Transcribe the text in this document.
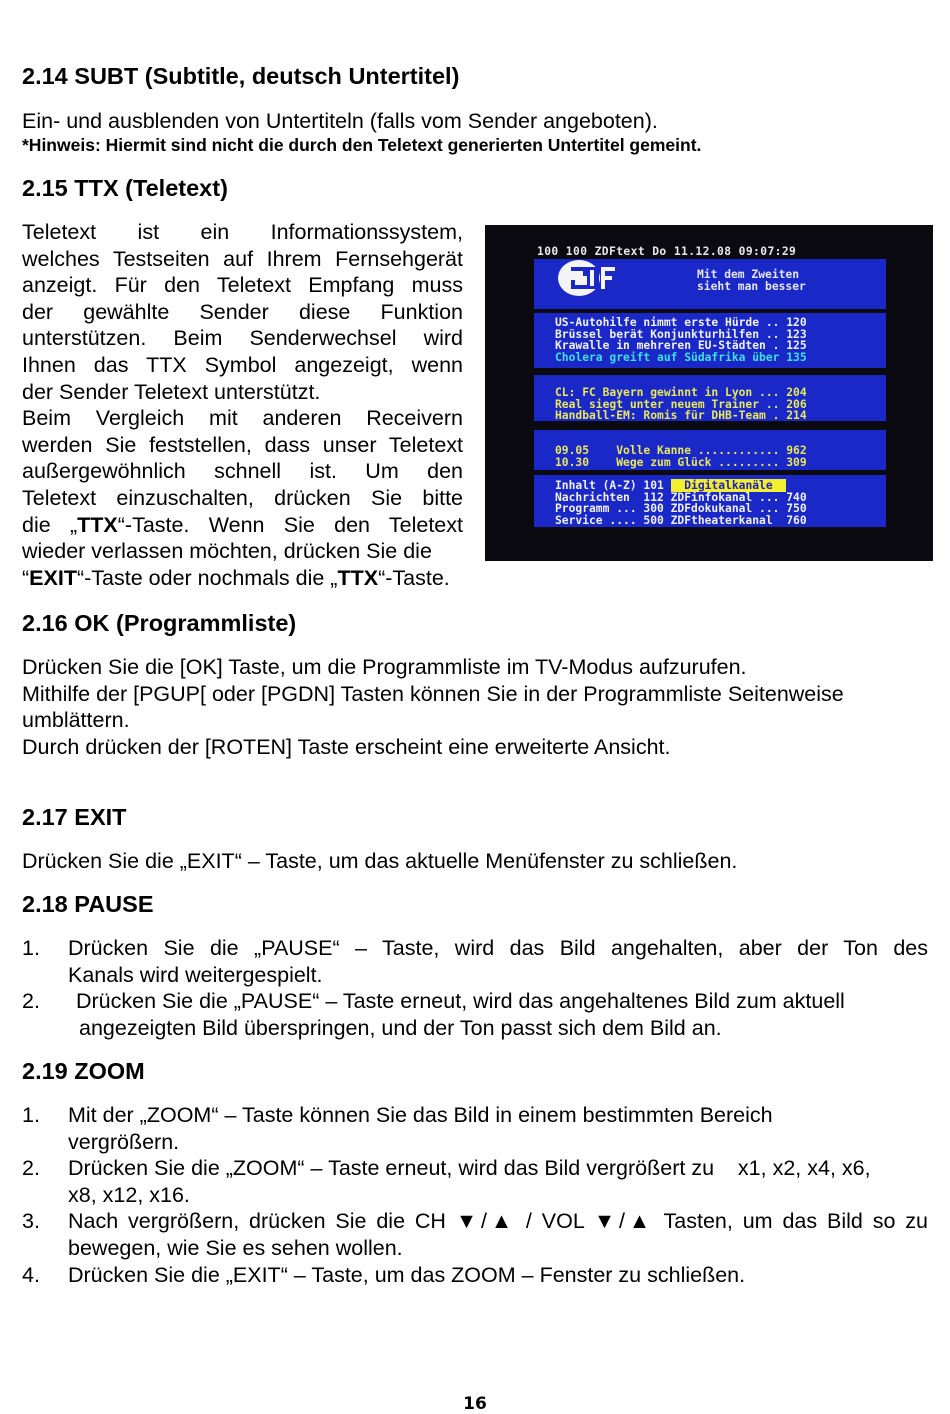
2.14 SUBT (Subtitle, deutsch Untertitel)
Ein- und ausblenden von Untertiteln (falls vom Sender angeboten).
*Hinweis: Hiermit sind nicht die durch den Teletext generierten Untertitel gemeint.
2.15 TTX (Teletext)
Teletext ist ein Informationssystem,
welches Testseiten auf Ihrem Fernsehgerät
anzeigt. Für den Teletext Empfang muss
der gewählte Sender diese Funktion
unterstützen. Beim Senderwechsel wird
Ihnen das TTX Symbol angezeigt, wenn
der Sender Teletext unterstützt.
Beim Vergleich mit anderen Receivern
werden Sie feststellen, dass unser Teletext
außergewöhnlich schnell ist. Um den
Teletext einzuschalten, drücken Sie bitte
die „TTX“-Taste. Wenn Sie den Teletext
wieder verlassen möchten, drücken Sie die
“EXIT“-Taste oder nochmals die „TTX“-Taste.
100 100 ZDFtext Do 11.12.08 09:07:29
Mit dem Zweiten
sieht man besser
US-Autohilfe nimmt erste Hürde .. 120
Brüssel berät Konjunkturhilfen .. 123
Krawalle in mehreren EU-Städten . 125
Cholera greift auf Südafrika über 135
CL: FC Bayern gewinnt in Lyon ... 204
Real siegt unter neuem Trainer .. 206
Handball-EM: Romis für DHB-Team . 214
09.05    Volle Kanne ............ 962
10.30    Wege zum Glück ......... 309
Inhalt (A-Z) 101   Digitalkanäle
Nachrichten  112 ZDFinfokanal ... 740
Programm ... 300 ZDFdokukanal ... 750
Service .... 500 ZDFtheaterkanal  760
2.16 OK (Programmliste)
Drücken Sie die [OK] Taste, um die Programmliste im TV-Modus aufzurufen.
Mithilfe der [PGUP[ oder [PGDN] Tasten können Sie in der Programmliste Seitenweise
umblättern.
Durch drücken der [ROTEN] Taste erscheint eine erweiterte Ansicht.
2.17 EXIT
Drücken Sie die „EXIT“ – Taste, um das aktuelle Menüfenster zu schließen.
2.18 PAUSE
1.	Drücken Sie die „PAUSE“ – Taste, wird das Bild angehalten, aber der Ton des
Kanals wird weitergespielt.
2.	Drücken Sie die „PAUSE“ – Taste erneut, wird das angehaltenes Bild zum aktuell
angezeigten Bild überspringen, und der Ton passt sich dem Bild an.
2.19 ZOOM
1.	Mit der „ZOOM“ – Taste können Sie das Bild in einem bestimmten Bereich
vergrößern.
2.	Drücken Sie die „ZOOM“ – Taste erneut, wird das Bild vergrößert zu    x1, x2, x4, x6,
x8, x12, x16.
3.	Nach vergrößern, drücken Sie die CH ▼/▲ / VOL ▼/▲ Tasten, um das Bild so zu
bewegen, wie Sie es sehen wollen.
4.	Drücken Sie die „EXIT“ – Taste, um das ZOOM – Fenster zu schließen.
16
